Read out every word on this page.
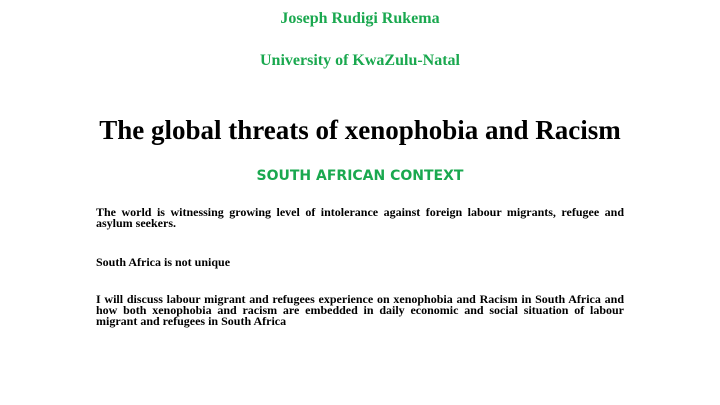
Joseph Rudigi Rukema
University of KwaZulu-Natal
The global threats of xenophobia and Racism
SOUTH AFRICAN CONTEXT
The world is witnessing growing level of intolerance against foreign labour migrants, refugee and asylum seekers.
South Africa is not unique
I will discuss labour migrant and refugees experience on xenophobia and Racism in South Africa and how both xenophobia and racism are embedded in daily economic and social situation of labour migrant and refugees in South Africa
